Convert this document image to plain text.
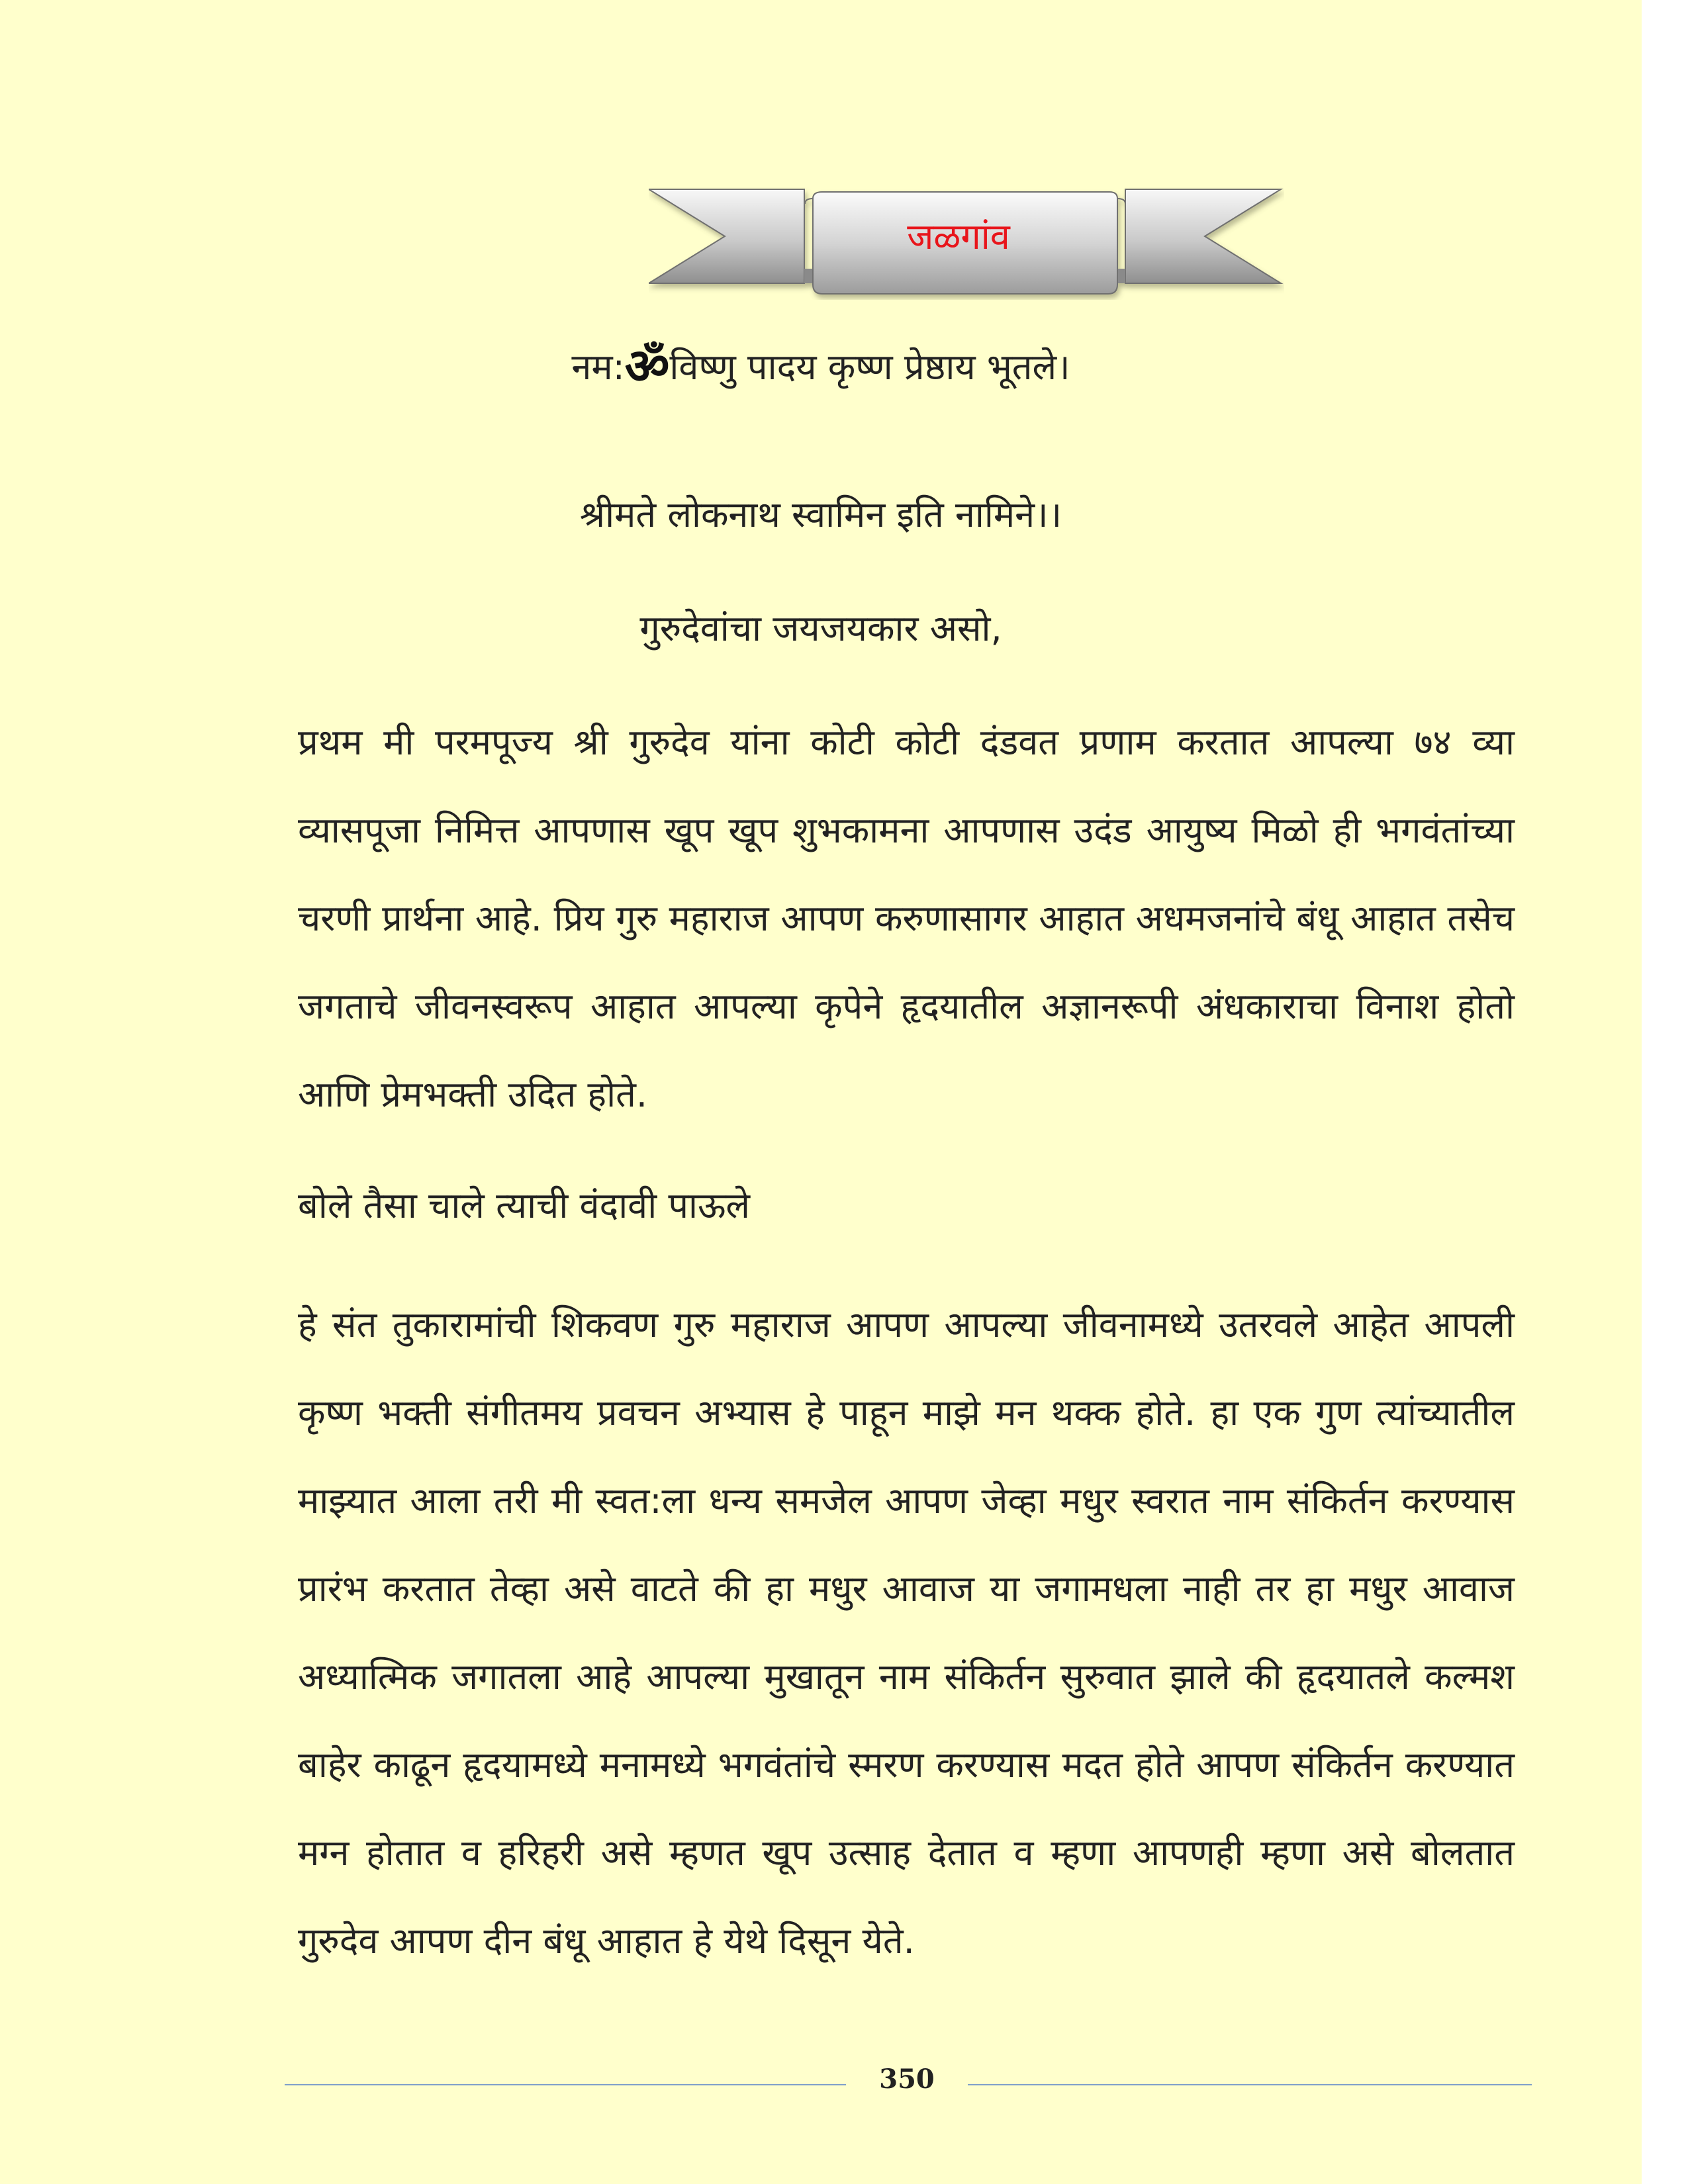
जळगांव
नम:ॐविष्णु पादय कृष्ण प्रेष्ठाय भूतले।
श्रीमते लोकनाथ स्वामिन इति नामिने।।
गुरुदेवांचा जयजयकार असो,
प्रथम मी परमपूज्य श्री गुरुदेव यांना कोटी कोटी दंडवत प्रणाम करतात आपल्या ७४ व्या व्यासपूजा निमित्त आपणास खूप खूप शुभकामना आपणास उदंड आयुष्य मिळो ही भगवंतांच्या चरणी प्रार्थना आहे. प्रिय गुरु महाराज आपण करुणासागर आहात अधमजनांचे बंधू आहात तसेच जगताचे जीवनस्वरूप आहात आपल्या कृपेने हृदयातील अज्ञानरूपी अंधकाराचा विनाश होतो आणि प्रेमभक्ती उदित होते.
बोले तैसा चाले त्याची वंदावी पाऊले
हे संत तुकारामांची शिकवण गुरु महाराज आपण आपल्या जीवनामध्ये उतरवले आहेत आपली कृष्ण भक्ती संगीतमय प्रवचन अभ्यास हे पाहून माझे मन थक्क होते. हा एक गुण त्यांच्यातील माझ्यात आला तरी मी स्वत:ला धन्य समजेल आपण जेव्हा मधुर स्वरात नाम संकिर्तन करण्यास प्रारंभ करतात तेव्हा असे वाटते की हा मधुर आवाज या जगामधला नाही तर हा मधुर आवाज अध्यात्मिक जगातला आहे आपल्या मुखातून नाम संकिर्तन सुरुवात झाले की हृदयातले कल्मश बाहेर काढून हृदयामध्ये मनामध्ये भगवंतांचे स्मरण करण्यास मदत होते आपण संकिर्तन करण्यात मग्न होतात व हरिहरी असे म्हणत खूप उत्साह देतात व म्हणा आपणही म्हणा असे बोलतात गुरुदेव आपण दीन बंधू आहात हे येथे दिसून येते.
350
